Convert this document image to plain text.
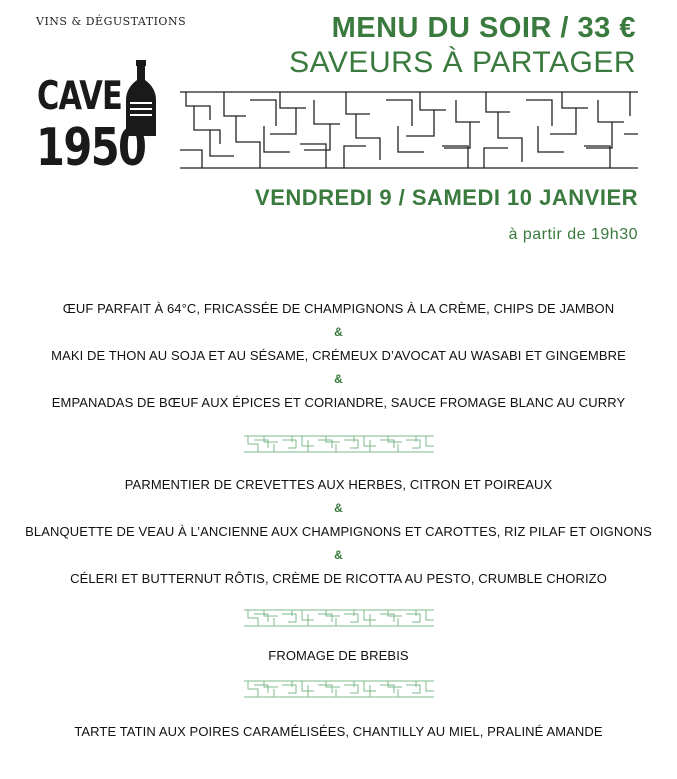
VINS & DÉGUSTATIONS
CAVE
1950
MENU DU SOIR / 33 €
SAVEURS À PARTAGER
VENDREDI 9 / SAMEDI 10 JANVIER
à partir de 19h30
ŒUF PARFAIT À 64°C, FRICASSÉE DE CHAMPIGNONS À LA CRÈME, CHIPS DE JAMBON
&
MAKI DE THON AU SOJA ET AU SÉSAME, CRÉMEUX D’AVOCAT AU WASABI ET GINGEMBRE
&
EMPANADAS DE BŒUF AUX ÉPICES ET CORIANDRE, SAUCE FROMAGE BLANC AU CURRY
PARMENTIER DE CREVETTES AUX HERBES, CITRON ET POIREAUX
&
BLANQUETTE DE VEAU À L’ANCIENNE AUX CHAMPIGNONS ET CAROTTES, RIZ PILAF ET OIGNONS
&
CÉLERI ET BUTTERNUT RÔTIS, CRÈME DE RICOTTA AU PESTO, CRUMBLE CHORIZO
FROMAGE DE BREBIS
TARTE TATIN AUX POIRES CARAMÉLISÉES, CHANTILLY AU MIEL, PRALINÉ AMANDE
